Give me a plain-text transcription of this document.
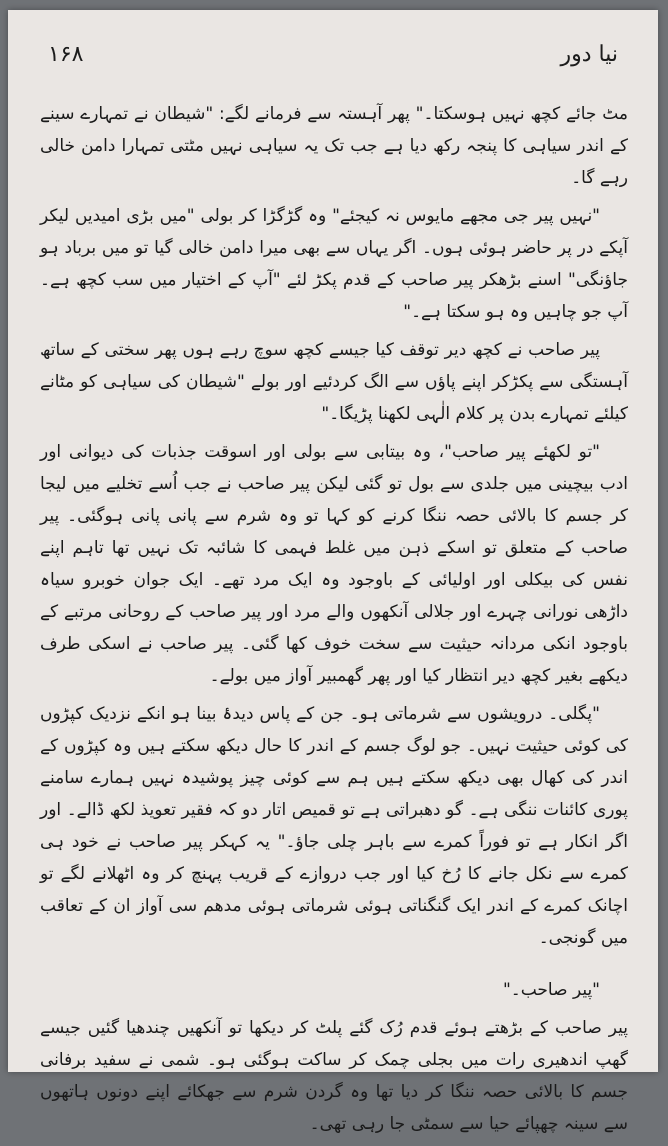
نیا دور
۱۶۸

مٹ جائے کچھ نہیں ہوسکتا۔" پھر آہستہ سے فرمانے لگے: "شیطان نے تمہارے سینے کے اندر سیاہی کا پنجہ رکھ دیا ہے جب تک یہ سیاہی نہیں مٹتی تمہارا دامن خالی رہے گا۔

"نہیں پیر جی مجھے مایوس نہ کیجئے" وہ گڑگڑا کر بولی "میں بڑی امیدیں لیکر آپکے در پر حاضر ہوئی ہوں۔ اگر یہاں سے بھی میرا دامن خالی گیا تو میں برباد ہو جاؤنگی" اسنے بڑھکر پیر صاحب کے قدم پکڑ لئے "آپ کے اختیار میں سب کچھ ہے۔ آپ جو چاہیں وہ ہو سکتا ہے۔"

پیر صاحب نے کچھ دیر توقف کیا جیسے کچھ سوچ رہے ہوں پھر سختی کے ساتھ آہستگی سے پکڑکر اپنے پاؤں سے الگ کردئیے اور بولے "شیطان کی سیاہی کو مٹانے کیلئے تمہارے بدن پر کلام الٰہی لکھنا پڑیگا۔"

"تو لکھئے پیر صاحب"، وہ بیتابی سے بولی اور اسوقت جذبات کی دیوانی اور ادب بیچینی میں جلدی سے بول تو گئی لیکن پیر صاحب نے جب اُسے تخلیے میں لیجا کر جسم کا بالائی حصہ ننگا کرنے کو کہا تو وہ شرم سے پانی پانی ہوگئی۔ پیر صاحب کے متعلق تو اسکے ذہن میں غلط فہمی کا شائبہ تک نہیں تھا تاہم اپنے نفس کی بیکلی اور اولیائی کے باوجود وہ ایک مرد تھے۔ ایک جوان خوبرو سیاہ داڑھی نورانی چہرے اور جلالی آنکھوں والے مرد اور پیر صاحب کے روحانی مرتبے کے باوجود انکی مردانہ حیثیت سے سخت خوف کھا گئی۔ پیر صاحب نے اسکی طرف دیکھے بغیر کچھ دیر انتظار کیا اور پھر گھمبیر آواز میں بولے۔

"پگلی۔ درویشوں سے شرماتی ہو۔ جن کے پاس دیدۂ بینا ہو انکے نزدیک کپڑوں کی کوئی حیثیت نہیں۔ جو لوگ جسم کے اندر کا حال دیکھ سکتے ہیں وہ کپڑوں کے اندر کی کھال بھی دیکھ سکتے ہیں ہم سے کوئی چیز پوشیدہ نہیں ہمارے سامنے پوری کائنات ننگی ہے۔ گو دھبراتی ہے تو قمیص اتار دو کہ فقیر تعویذ لکھ ڈالے۔ اور اگر انکار ہے تو فوراً کمرے سے باہر چلی جاؤ۔" یہ کہکر پیر صاحب نے خود ہی کمرے سے نکل جانے کا رُخ کیا اور جب دروازے کے قریب پہنچ کر وہ اٹھلانے لگے تو اچانک کمرے کے اندر ایک گنگناتی ہوئی شرماتی ہوئی مدھم سی آواز ان کے تعاقب میں گونجی۔

"پیر صاحب۔"

پیر صاحب کے بڑھتے ہوئے قدم رُک گئے پلٹ کر دیکھا تو آنکھیں چندھیا گئیں جیسے گھپ اندھیری رات میں بجلی چمک کر ساکت ہوگئی ہو۔ شمی نے سفید برفانی جسم کا بالائی حصہ ننگا کر دیا تھا وہ گردن شرم سے جھکائے اپنے دونوں ہاتھوں سے سینہ چھپائے حیا سے سمٹی جا رہی تھی۔
